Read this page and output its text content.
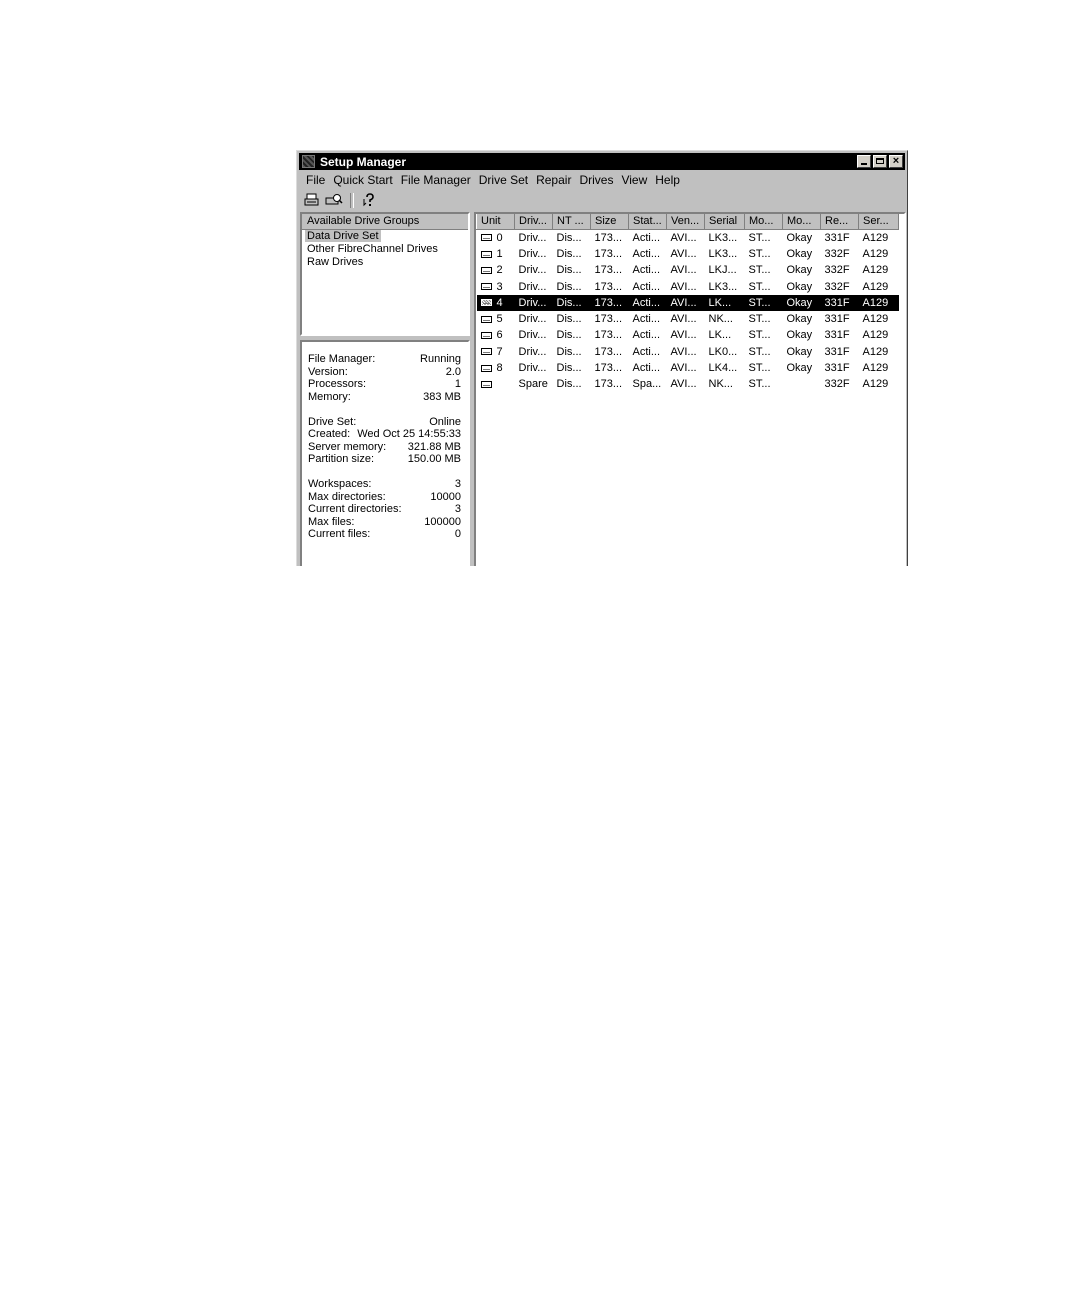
Setup Manager	×
File Quick Start File Manager Drive Set Repair Drives View Help
Available Drive Groups
Data Drive Set
Other FibreChannel Drives
Raw Drives
File Manager:	Running
Version:	2.0
Processors:	1
Memory:	383 MB
Drive Set:	Online
Created: Wed Oct 25 14:55:33
Server memory: 321.88 MB
Partition size:	150.00 MB
Workspaces:	3
Max directories:	10000
Current directories:	3
Max files:	100000
Current files:	0
Unit	Driv...	NT ...	Size	Stat...	Ven...	Serial	Mo...	Mo...	Re...	Ser...
0	Driv...	Dis...	173...	Acti...	AVI...	LK3...	ST...	Okay	331F	A129
1	Driv...	Dis...	173...	Acti...	AVI...	LK3...	ST...	Okay	332F	A129
2	Driv...	Dis...	173...	Acti...	AVI...	LKJ...	ST...	Okay	332F	A129
3	Driv...	Dis...	173...	Acti...	AVI...	LK3...	ST...	Okay	332F	A129
4	Driv...	Dis...	173...	Acti...	AVI...	LK...	ST...	Okay	331F	A129
5	Driv...	Dis...	173...	Acti...	AVI...	NK...	ST...	Okay	331F	A129
6	Driv...	Dis...	173...	Acti...	AVI...	LK...	ST...	Okay	331F	A129
7	Driv...	Dis...	173...	Acti...	AVI...	LK0...	ST...	Okay	331F	A129
8	Driv...	Dis...	173...	Acti...	AVI...	LK4...	ST...	Okay	331F	A129
	Spare	Dis...	173...	Spa...	AVI...	NK...	ST...		332F	A129
